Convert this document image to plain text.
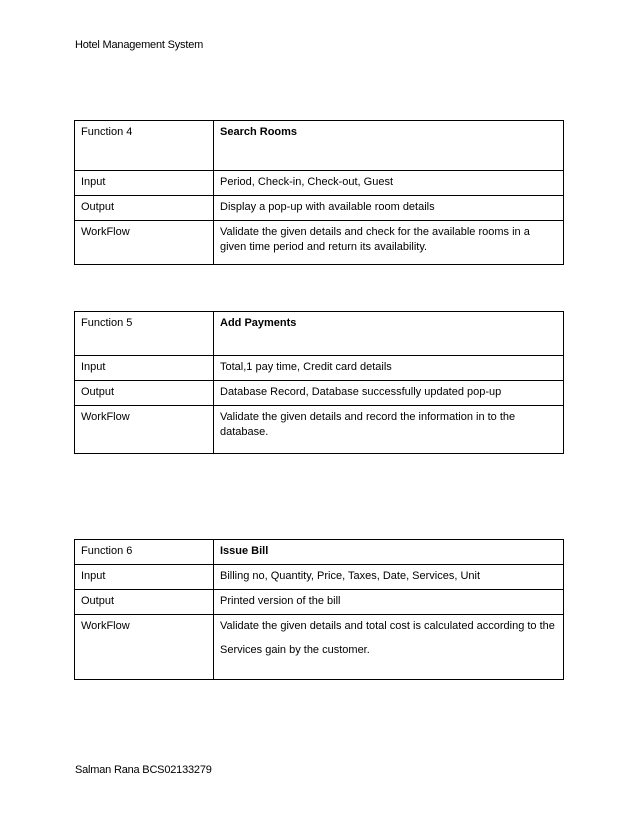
Hotel Management System
Function 4	Search Rooms
Input	Period, Check-in, Check-out, Guest
Output	Display a pop-up with available room details
WorkFlow	Validate the given details and check for the available rooms in a given time period and return its availability.
Function 5	Add Payments
Input	Total,1 pay time, Credit card details
Output	Database Record, Database successfully updated pop-up
WorkFlow	Validate the given details and record the information in to the database.
Function 6	Issue Bill
Input	Billing no, Quantity, Price, Taxes, Date, Services, Unit
Output	Printed version of the bill
WorkFlow	Validate the given details and total cost is calculated according to the
Services gain by the customer.
Salman Rana BCS02133279
